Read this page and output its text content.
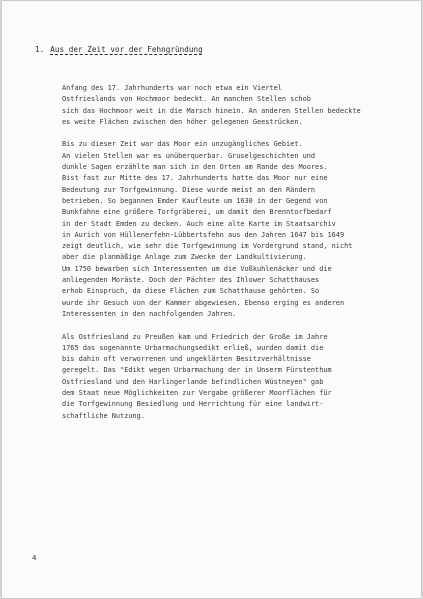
1. Aus der Zeit vor der Fehngründung
Anfang des 17. Jahrhunderts war noch etwa ein Viertel
Ostfrieslands von Hochmoor bedeckt. An manchen Stellen schob
sich das Hochmoor weit in die Marsch hinein. An anderen Stellen bedeckte
es weite Flächen zwischen den höher gelegenen Geestrücken.
Bis zu dieser Zeit war das Moor ein unzugängliches Gebiet.
An vielen Stellen war es unüberquerbar. Gruselgeschichten und
dunkle Sagen erzählte man sich in den Orten am Rande des Moores.
Bist fast zur Mitte des 17. Jahrhunderts hatte das Moor nur eine
Bedeutung zur Torfgewinnung. Diese wurde meist an den Rändern
betrieben. So begannen Emder Kaufleute um 1630 in der Gegend von
Bunkfahne eine größere Torfgräberei, um damit den Brenntorfbedarf
in der Stadt Emden zu decken. Auch eine alte Karte im Staatsarchiv
in Aurich von Hüllenerfehn-Lübbertsfehn aus den Jahren 1647 bis 1649
zeigt deutlich, wie sehr die Torfgewinnung im Vordergrund stand, nicht
aber die planmäßige Anlage zum Zwecke der Landkultivierung.
Um 1750 bewarben sich Interessenten um die Voßkuhlenäcker und die
anliegenden Moräste. Doch der Pächter des Ihlower Schatthauses
erhob Einspruch, da diese Flächen zum Schatthause gehörten. So
wurde ihr Gesuch von der Kammer abgewiesen. Ebenso erging es anderen
Interessenten in den nachfolgenden Jahren.
Als Ostfriesland zu Preußen kam und Friedrich der Große im Jahre
1765 das sogenannte Urbarmachungsedikt erließ, wurden damit die
bis dahin oft verworrenen und ungeklärten Besitzverhältnisse
geregelt. Das "Edikt wegen Urbarmachung der in Unserm Fürstenthum
Ostfriesland und den Harlingerlande befindlichen Wüstneyen" gab
dem Staat neue Möglichkeiten zur Vergabe größerer Moorflächen für
die Torfgewinnung Besiedlung und Herrichtung für eine landwirt-
schaftliche Nutzung.
4
